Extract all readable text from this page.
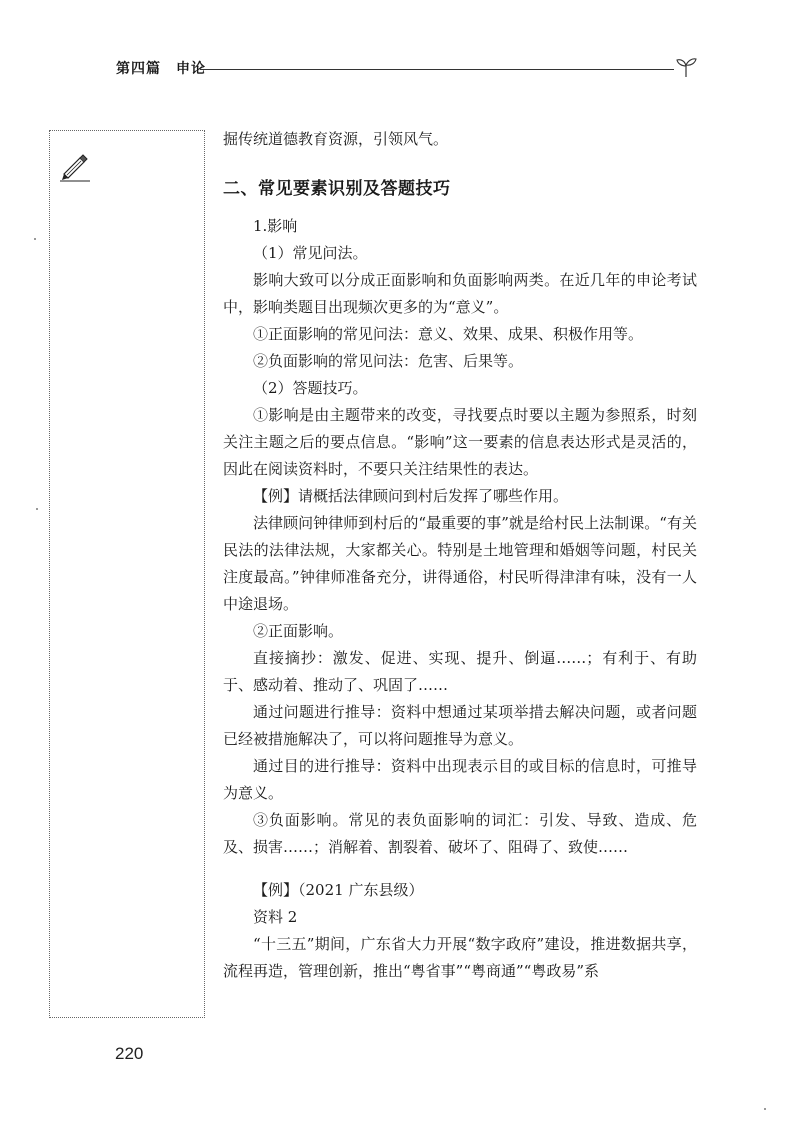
第四篇　申论

掘传统道德教育资源，引领风气。

二、常见要素识别及答题技巧

1.影响

（1）常见问法。

影响大致可以分成正面影响和负面影响两类。在近几年的申论考试中，影响类题目出现频次更多的为“意义”。

①正面影响的常见问法：意义、效果、成果、积极作用等。

②负面影响的常见问法：危害、后果等。

（2）答题技巧。

①影响是由主题带来的改变，寻找要点时要以主题为参照系，时刻关注主题之后的要点信息。“影响”这一要素的信息表达形式是灵活的，因此在阅读资料时，不要只关注结果性的表达。

【例】请概括法律顾问到村后发挥了哪些作用。

法律顾问钟律师到村后的“最重要的事”就是给村民上法制课。“有关民法的法律法规，大家都关心。特别是土地管理和婚姻等问题，村民关注度最高。”钟律师准备充分，讲得通俗，村民听得津津有味，没有一人中途退场。

②正面影响。

直接摘抄：激发、促进、实现、提升、倒逼……；有利于、有助于、感动着、推动了、巩固了……

通过问题进行推导：资料中想通过某项举措去解决问题，或者问题已经被措施解决了，可以将问题推导为意义。

通过目的进行推导：资料中出现表示目的或目标的信息时，可推导为意义。

③负面影响。常见的表负面影响的词汇：引发、导致、造成、危及、损害……；消解着、割裂着、破坏了、阻碍了、致使……

【例】（2021 广东县级）

资料 2

“十三五”期间，广东省大力开展“数字政府”建设，推进数据共享，流程再造，管理创新，推出“粤省事”“粤商通”“粤政易”系

220
